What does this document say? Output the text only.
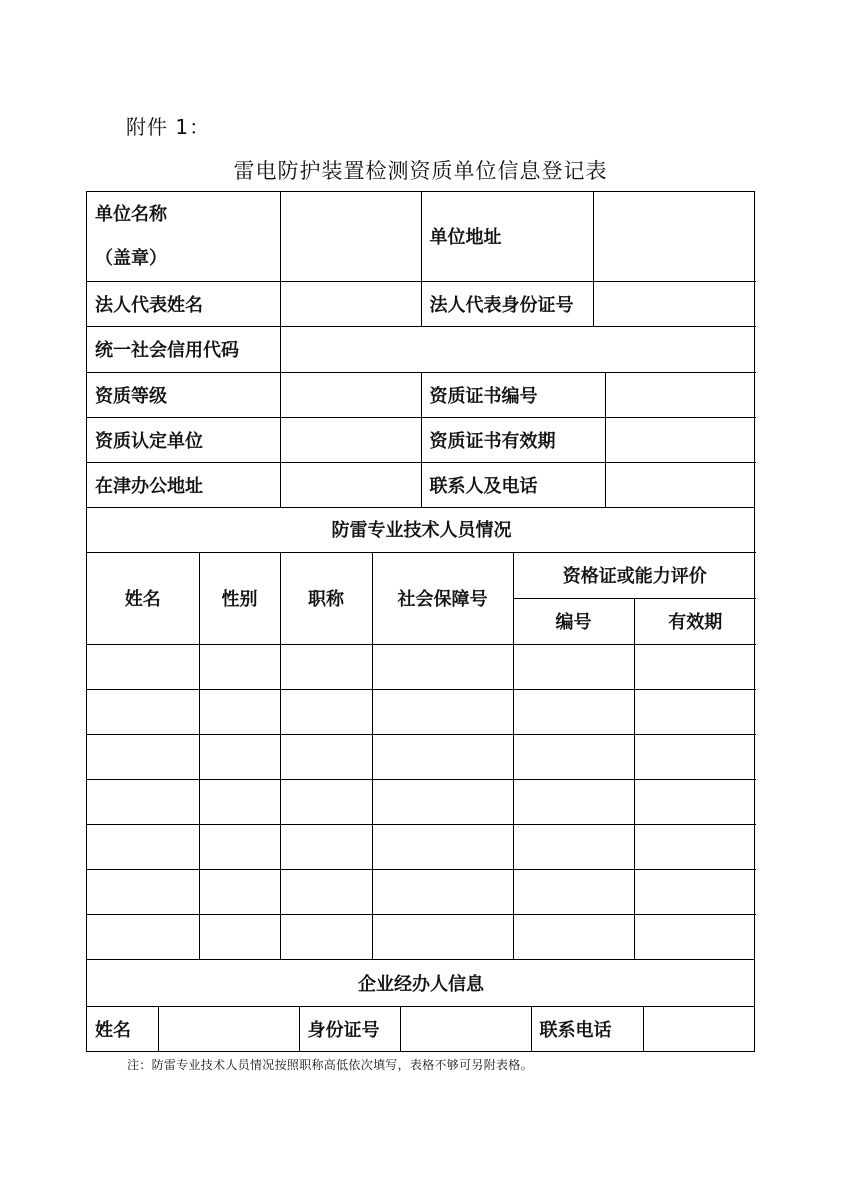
附件 1：
雷电防护装置检测资质单位信息登记表
单位名称
（盖章）		单位地址		
法人代表姓名		法人代表身份证号		
统一社会信用代码				
资质等级		资质证书编号		
资质认定单位		资质证书有效期		
在津办公地址		联系人及电话		
防雷专业技术人员情况					
姓名	性别	职称	社会保障号	资格证或能力评价	
				编号	有效期

企业经办人信息
姓名		身份证号		联系电话	
注：防雷专业技术人员情况按照职称高低依次填写，表格不够可另附表格。
